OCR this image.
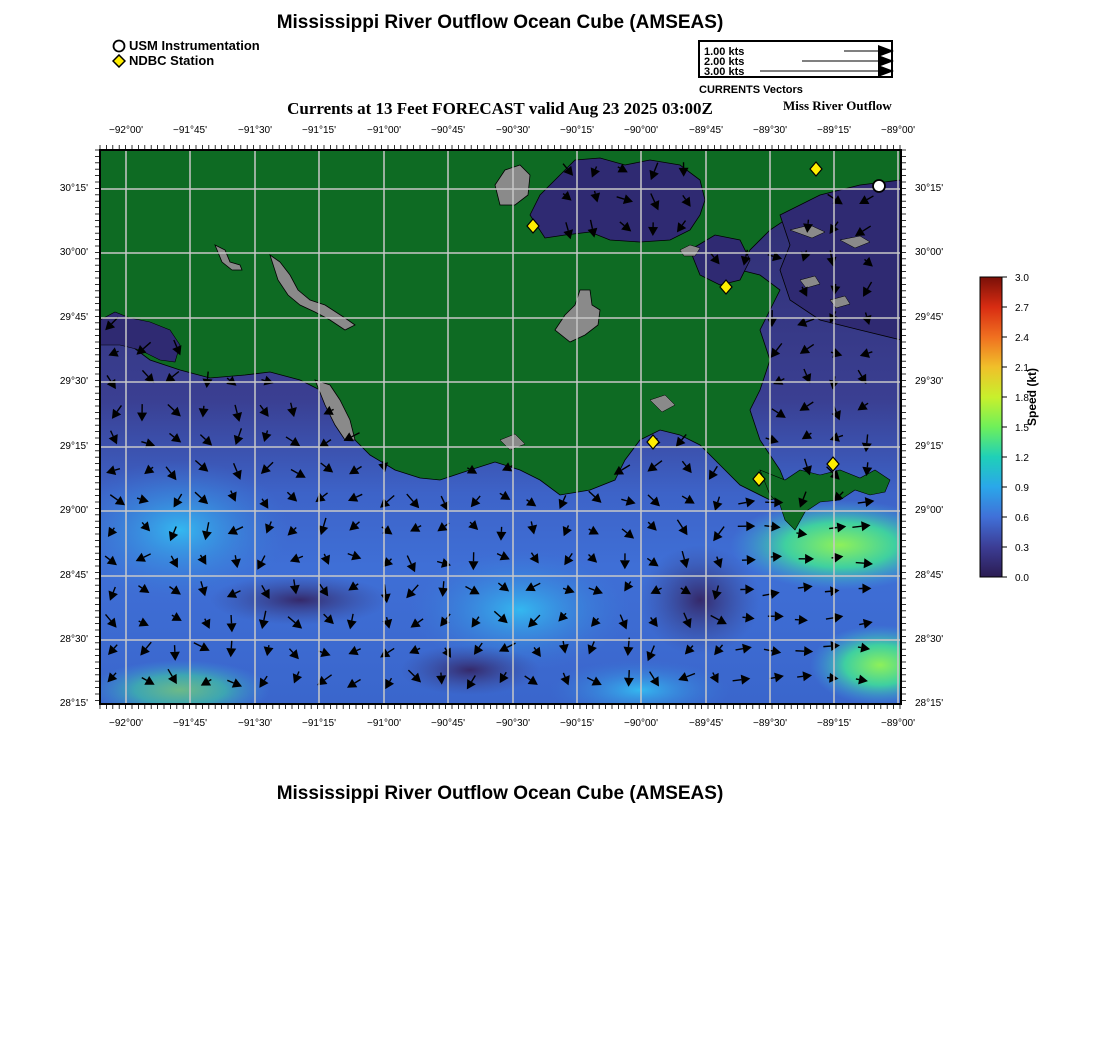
Mississippi River Outflow Ocean Cube (AMSEAS)
USM Instrumentation
NDBC Station
1.00 kts
2.00 kts
3.00 kts
CURRENTS Vectors
Currents at 13 Feet FORECAST valid Aug 23 2025 03:00Z	Miss River Outflow
−92°00'	−91°45'	−91°30'	−91°15'	−91°00'	−90°45'	−90°30'	−90°15'	−90°00'	−89°45'	−89°30'	−89°15'	−89°00'
−92°00'	−91°45'	−91°30'	−91°15'	−91°00'	−90°45'	−90°30'	−90°15'	−90°00'	−89°45'	−89°30'	−89°15'	−89°00'
30°15'
30°00'
29°45'
29°30'
29°15'
29°00'
28°45'
28°30'
28°15'
30°15'
30°00'
29°45'
29°30'
29°15'
29°00'
28°45'
28°30'
28°15'
3.0
2.7
2.4
2.1
1.8
1.5
1.2
0.9
0.6
0.3
0.0
Speed (kt)
Mississippi River Outflow Ocean Cube (AMSEAS)
